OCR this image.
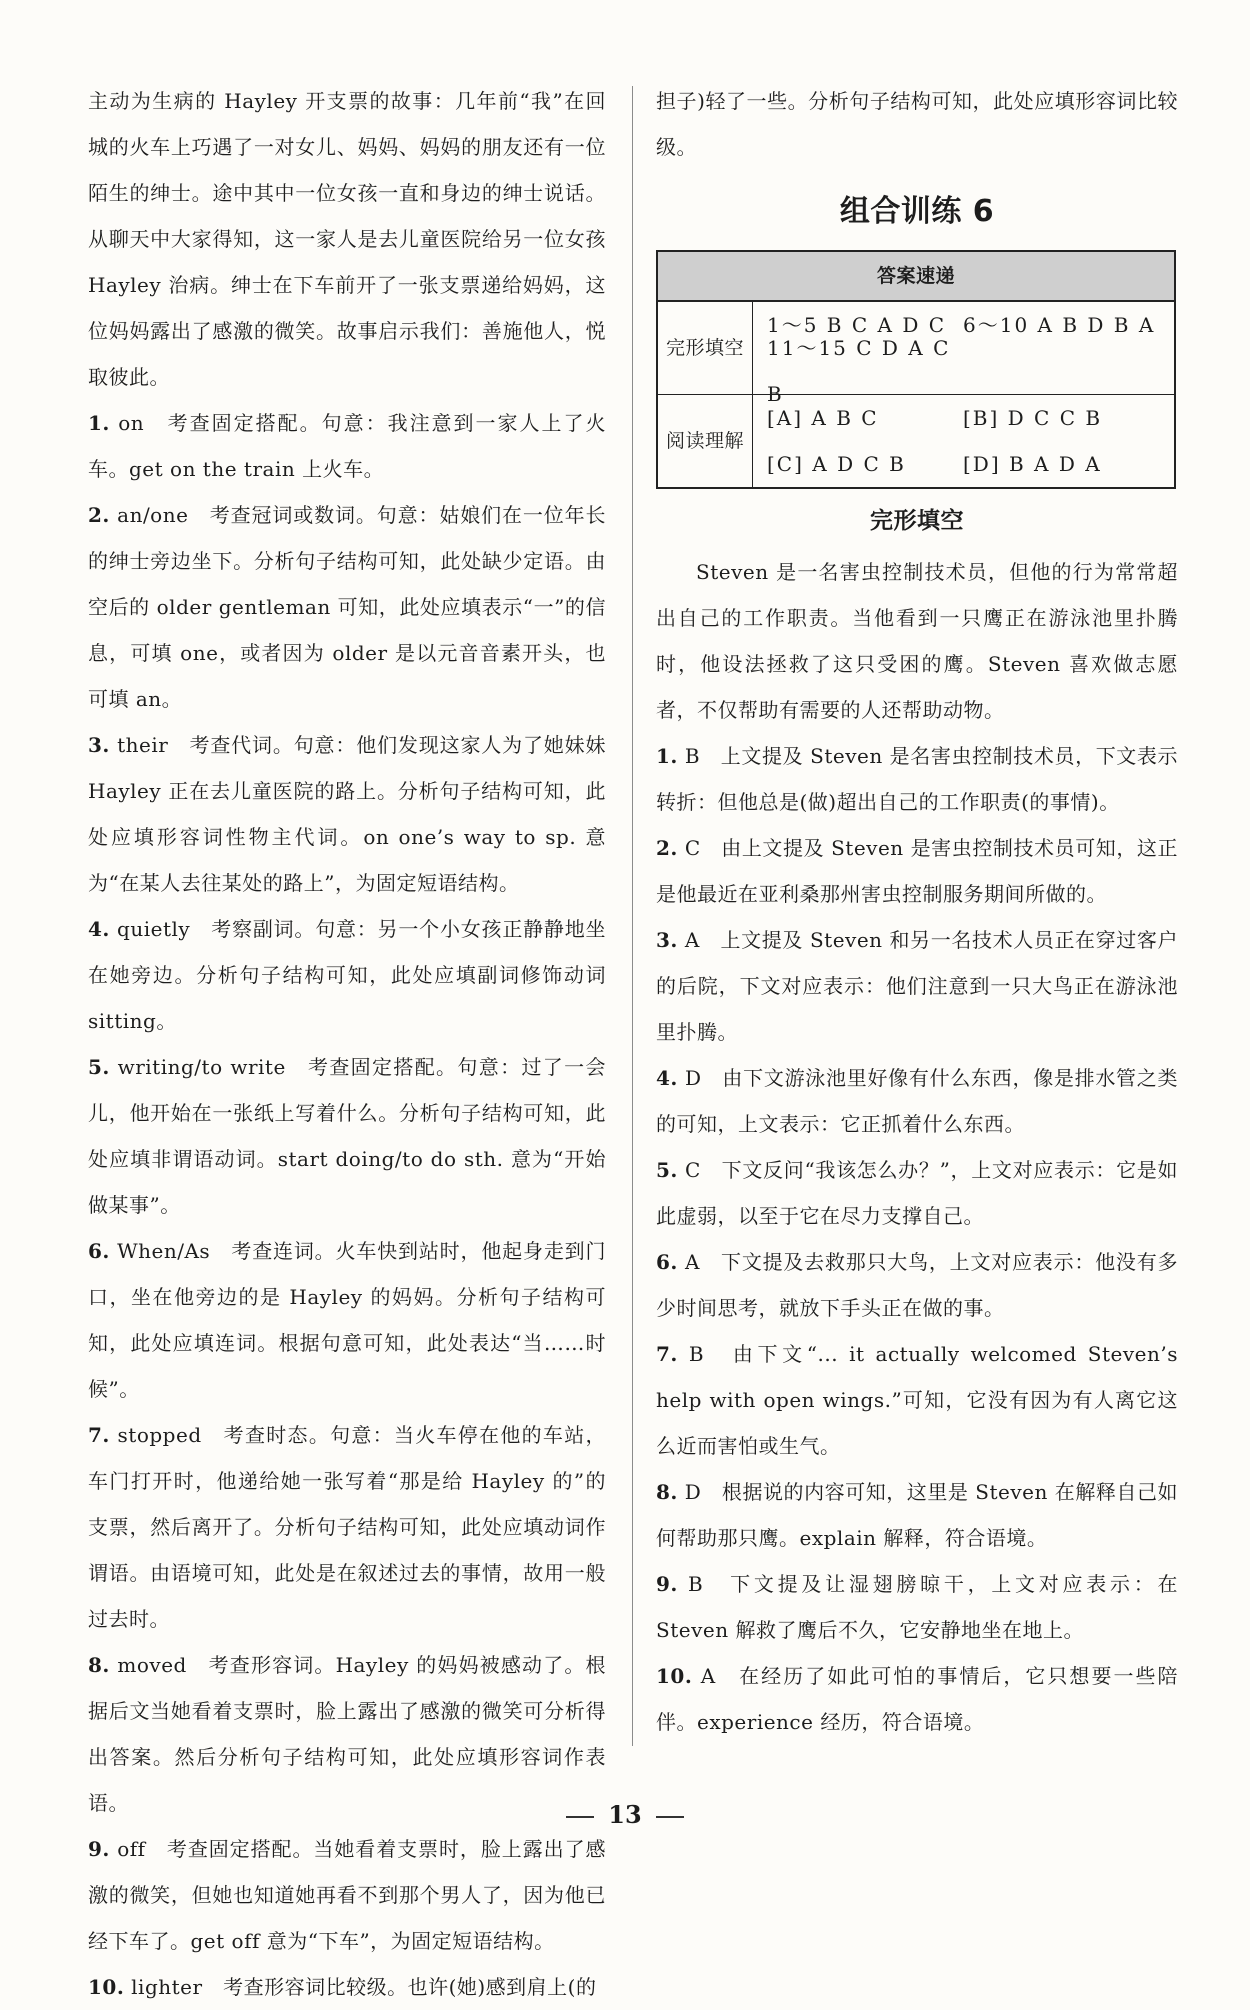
主动为生病的 Hayley 开支票的故事：几年前“我”在回城的火车上巧遇了一对女儿、妈妈、妈妈的朋友还有一位陌生的绅士。途中其中一位女孩一直和身边的绅士说话。从聊天中大家得知，这一家人是去儿童医院给另一位女孩 Hayley 治病。绅士在下车前开了一张支票递给妈妈，这位妈妈露出了感激的微笑。故事启示我们：善施他人，悦取彼此。

1. on　考查固定搭配。句意：我注意到一家人上了火车。get on the train 上火车。

2. an/one　考查冠词或数词。句意：姑娘们在一位年长的绅士旁边坐下。分析句子结构可知，此处缺少定语。由空后的 older gentleman 可知，此处应填表示“一”的信息，可填 one，或者因为 older 是以元音音素开头，也可填 an。

3. their　考查代词。句意：他们发现这家人为了她妹妹 Hayley 正在去儿童医院的路上。分析句子结构可知，此处应填形容词性物主代词。on one’s way to sp. 意为“在某人去往某处的路上”，为固定短语结构。

4. quietly　考察副词。句意：另一个小女孩正静静地坐在她旁边。分析句子结构可知，此处应填副词修饰动词 sitting。

5. writing/to write　考查固定搭配。句意：过了一会儿，他开始在一张纸上写着什么。分析句子结构可知，此处应填非谓语动词。start doing/to do sth. 意为“开始做某事”。

6. When/As　考查连词。火车快到站时，他起身走到门口，坐在他旁边的是 Hayley 的妈妈。分析句子结构可知，此处应填连词。根据句意可知，此处表达“当……时候”。

7. stopped　考查时态。句意：当火车停在他的车站，车门打开时，他递给她一张写着“那是给 Hayley 的”的支票，然后离开了。分析句子结构可知，此处应填动词作谓语。由语境可知，此处是在叙述过去的事情，故用一般过去时。

8. moved　考查形容词。Hayley 的妈妈被感动了。根据后文当她看着支票时，脸上露出了感激的微笑可分析得出答案。然后分析句子结构可知，此处应填形容词作表语。

9. off　考查固定搭配。当她看着支票时，脸上露出了感激的微笑，但她也知道她再看不到那个男人了，因为他已经下车了。get off 意为“下车”，为固定短语结构。

10. lighter　考查形容词比较级。也许(她)感到肩上(的

担子)轻了一些。分析句子结构可知，此处应填形容词比较级。

组合训练 6
答案速递	
完形填空	1～5 B C A D C 6～10 A B D B A
11～15 C D A C B

阅读理解	[A] A B C [B] D C C B
[C] A D C B [D] B A D A
完形填空

Steven 是一名害虫控制技术员，但他的行为常常超出自己的工作职责。当他看到一只鹰正在游泳池里扑腾时，他设法拯救了这只受困的鹰。Steven 喜欢做志愿者，不仅帮助有需要的人还帮助动物。

1. B　上文提及 Steven 是名害虫控制技术员，下文表示转折：但他总是(做)超出自己的工作职责(的事情)。

2. C　由上文提及 Steven 是害虫控制技术员可知，这正是他最近在亚利桑那州害虫控制服务期间所做的。

3. A　上文提及 Steven 和另一名技术人员正在穿过客户的后院，下文对应表示：他们注意到一只大鸟正在游泳池里扑腾。

4. D　由下文游泳池里好像有什么东西，像是排水管之类的可知，上文表示：它正抓着什么东西。

5. C　下文反问“我该怎么办？”，上文对应表示：它是如此虚弱，以至于它在尽力支撑自己。

6. A　下文提及去救那只大鸟，上文对应表示：他没有多少时间思考，就放下手头正在做的事。

7. B　由下文“... it actually welcomed Steven’s help with open wings.”可知，它没有因为有人离它这么近而害怕或生气。

8. D　根据说的内容可知，这里是 Steven 在解释自己如何帮助那只鹰。explain 解释，符合语境。

9. B　下文提及让湿翅膀晾干，上文对应表示：在 Steven 解救了鹰后不久，它安静地坐在地上。

10. A　在经历了如此可怕的事情后，它只想要一些陪伴。experience 经历，符合语境。

13
